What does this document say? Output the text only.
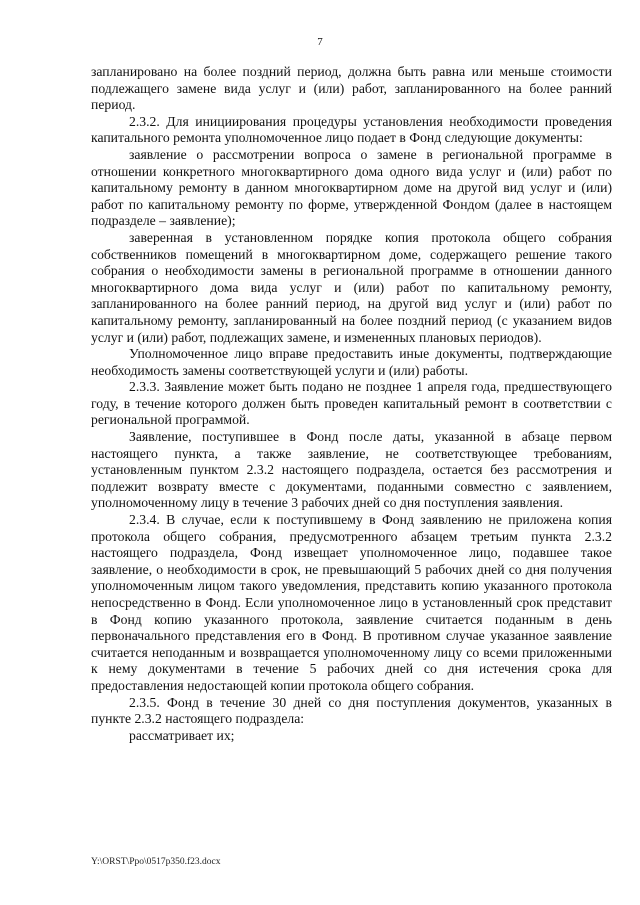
7

запланировано на более поздний период, должна быть равна или меньше стоимости подлежащего замене вида услуг и (или) работ, запланированного на более ранний период.

2.3.2. Для инициирования процедуры установления необходимости проведения капитального ремонта уполномоченное лицо подает в Фонд следующие документы:

заявление о рассмотрении вопроса о замене в региональной программе в отношении конкретного многоквартирного дома одного вида услуг и (или) работ по капитальному ремонту в данном многоквартирном доме на другой вид услуг и (или) работ по капитальному ремонту по форме, утвержденной Фондом (далее в настоящем подразделе – заявление);

заверенная в установленном порядке копия протокола общего собрания собственников помещений в многоквартирном доме, содержащего решение такого собрания о необходимости замены в региональной программе в отношении данного многоквартирного дома вида услуг и (или) работ по капитальному ремонту, запланированного на более ранний период, на другой вид услуг и (или) работ по капитальному ремонту, запланированный на более поздний период (с указанием видов услуг и (или) работ, подлежащих замене, и измененных плановых периодов).

Уполномоченное лицо вправе предоставить иные документы, подтверждающие необходимость замены соответствующей услуги и (или) работы.

2.3.3. Заявление может быть подано не позднее 1 апреля года, предшествующего году, в течение которого должен быть проведен капитальный ремонт в соответствии с региональной программой.

Заявление, поступившее в Фонд после даты, указанной в абзаце первом настоящего пункта, а также заявление, не соответствующее требованиям, установленным пунктом 2.3.2 настоящего подраздела, остается без рассмотрения и подлежит возврату вместе с документами, поданными совместно с заявлением, уполномоченному лицу в течение 3 рабочих дней со дня поступления заявления.

2.3.4. В случае, если к поступившему в Фонд заявлению не приложена копия протокола общего собрания, предусмотренного абзацем третьим пункта 2.3.2 настоящего подраздела, Фонд извещает уполномоченное лицо, подавшее такое заявление, о необходимости в срок, не превышающий 5 рабочих дней со дня получения уполномоченным лицом такого уведомления, представить копию указанного протокола непосредственно в Фонд. Если уполномоченное лицо в установленный срок представит в Фонд копию указанного протокола, заявление считается поданным в день первоначального представления его в Фонд. В противном случае указанное заявление считается неподанным и возвращается уполномоченному лицу со всеми приложенными к нему документами в течение 5 рабочих дней со дня истечения срока для предоставления недостающей копии протокола общего собрания.

2.3.5. Фонд в течение 30 дней со дня поступления документов, указанных в пункте 2.3.2 настоящего подраздела:

рассматривает их;

Y:\ORST\Ppo\0517p350.f23.docx
